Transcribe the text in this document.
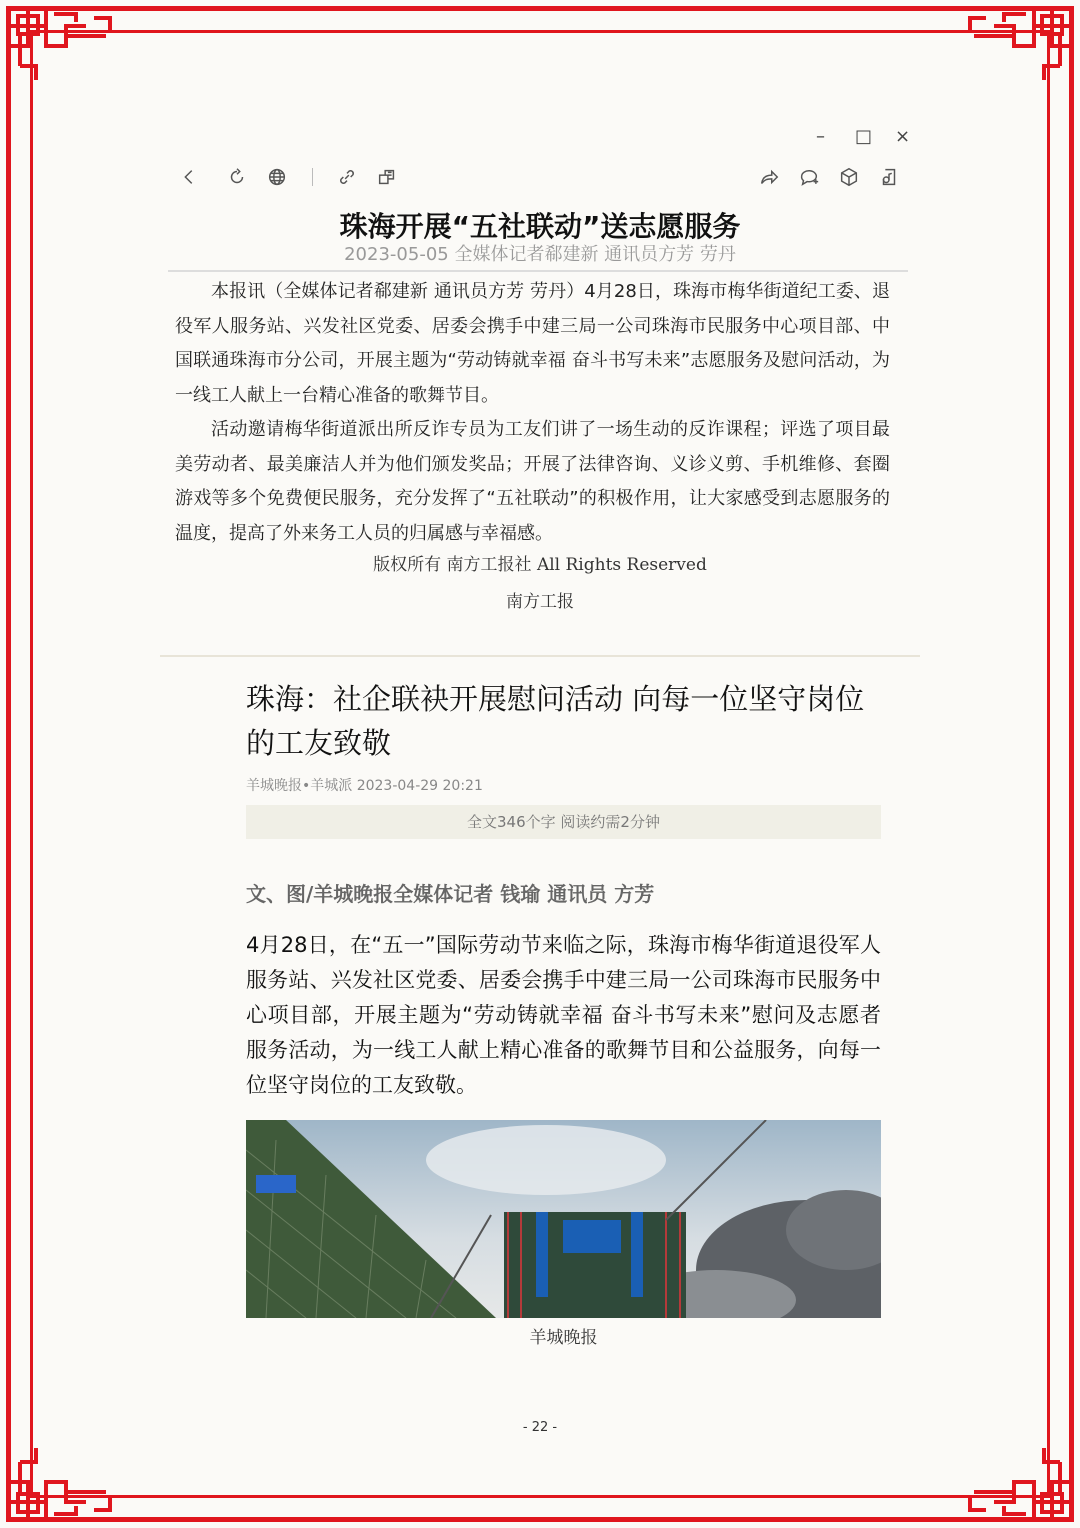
– □ ×
珠海开展“五社联动”送志愿服务
2023-05-05 全媒体记者郗建新 通讯员方芳 劳丹

本报讯（全媒体记者郗建新 通讯员方芳 劳丹）4月28日，珠海市梅华街道纪工委、退役军人服务站、兴发社区党委、居委会携手中建三局一公司珠海市民服务中心项目部、中国联通珠海市分公司，开展主题为“劳动铸就幸福 奋斗书写未来”志愿服务及慰问活动，为一线工人献上一台精心准备的歌舞节目。

活动邀请梅华街道派出所反诈专员为工友们讲了一场生动的反诈课程；评选了项目最美劳动者、最美廉洁人并为他们颁发奖品；开展了法律咨询、义诊义剪、手机维修、套圈游戏等多个免费便民服务，充分发挥了“五社联动”的积极作用，让大家感受到志愿服务的温度，提高了外来务工人员的归属感与幸福感。

版权所有 南方工报社 All Rights Reserved
南方工报
珠海：社企联袂开展慰问活动 向每一位坚守岗位的工友致敬
羊城晚报•羊城派 2023-04-29 20:21
全文346个字 阅读约需2分钟
文、图/羊城晚报全媒体记者 钱瑜 通讯员 方芳

4月28日，在“五一”国际劳动节来临之际，珠海市梅华街道退役军人服务站、兴发社区党委、居委会携手中建三局一公司珠海市民服务中心项目部，开展主题为“劳动铸就幸福 奋斗书写未来”慰问及志愿者服务活动，为一线工人献上精心准备的歌舞节目和公益服务，向每一位坚守岗位的工友致敬。

羊城晚报
- 22 -
